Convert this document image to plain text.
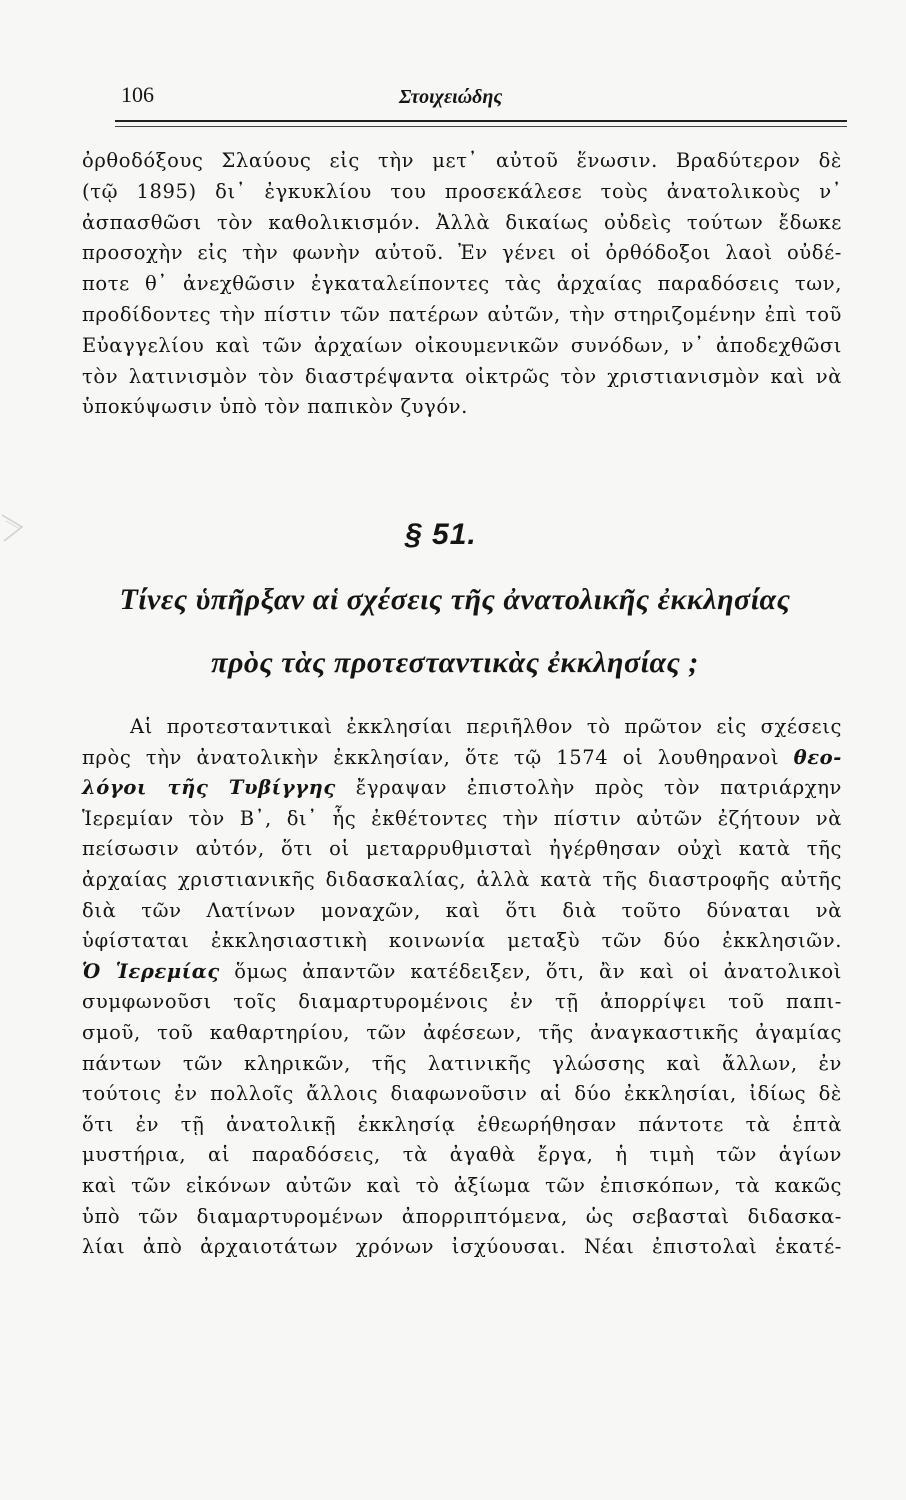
106	Στοιχειώδης
ὀρθοδόξους Σλαύους εἰς τὴν μετ᾽ αὐτοῦ ἕνωσιν. Βραδύτερον δὲ
(τῷ 1895) δι᾽ ἐγκυκλίου του προσεκάλεσε τοὺς ἀνατολικοὺς ν᾽
ἀσπασθῶσι τὸν καθολικισμόν. Ἀλλὰ δικαίως οὐδεὶς τούτων ἔδωκε
προσοχὴν εἰς τὴν φωνὴν αὐτοῦ. Ἐν γένει οἱ ὀρθόδοξοι λαοὶ οὐδέ-
ποτε θ᾽ ἀνεχθῶσιν ἐγκαταλείποντες τὰς ἀρχαίας παραδόσεις των,
προδίδοντες τὴν πίστιν τῶν πατέρων αὐτῶν, τὴν στηριζομένην ἐπὶ τοῦ
Εὐαγγελίου καὶ τῶν ἀρχαίων οἰκουμενικῶν συνόδων, ν᾽ ἀποδεχθῶσι
τὸν λατινισμὸν τὸν διαστρέψαντα οἰκτρῶς τὸν χριστιανισμὸν καὶ νὰ
ὑποκύψωσιν ὑπὸ τὸν παπικὸν ζυγόν.
§ 51.
Τίνες ὑπῆρξαν αἱ σχέσεις τῆς ἀνατολικῆς ἐκκλησίας
πρὸς τὰς προτεσταντικὰς ἐκκλησίας ;
Αἱ προτεσταντικαὶ ἐκκλησίαι περιῆλθον τὸ πρῶτον εἰς σχέσεις
πρὸς τὴν ἀνατολικὴν ἐκκλησίαν, ὅτε τῷ 1574 οἱ λουθηρανοὶ θεο-
λόγοι τῆς Τυβίγγης ἔγραψαν ἐπιστολὴν πρὸς τὸν πατριάρχην
Ἱερεμίαν τὸν Β᾽, δι᾽ ἧς ἐκθέτοντες τὴν πίστιν αὐτῶν ἐζήτουν νὰ
πείσωσιν αὐτόν, ὅτι οἱ μεταρρυθμισταὶ ἠγέρθησαν οὐχὶ κατὰ τῆς
ἀρχαίας χριστιανικῆς διδασκαλίας, ἀλλὰ κατὰ τῆς διαστροφῆς αὐτῆς
διὰ τῶν Λατίνων μοναχῶν, καὶ ὅτι διὰ τοῦτο δύναται νὰ
ὑφίσταται ἐκκλησιαστικὴ κοινωνία μεταξὺ τῶν δύο ἐκκλησιῶν.
Ὁ Ἱερεμίας ὅμως ἀπαντῶν κατέδειξεν, ὅτι, ἂν καὶ οἱ ἀνατολικοὶ
συμφωνοῦσι τοῖς διαμαρτυρομένοις ἐν τῇ ἀπορρίψει τοῦ παπι-
σμοῦ, τοῦ καθαρτηρίου, τῶν ἀφέσεων, τῆς ἀναγκαστικῆς ἀγαμίας
πάντων τῶν κληρικῶν, τῆς λατινικῆς γλώσσης καὶ ἄλλων, ἐν
τούτοις ἐν πολλοῖς ἄλλοις διαφωνοῦσιν αἱ δύο ἐκκλησίαι, ἰδίως δὲ
ὅτι ἐν τῇ ἀνατολικῇ ἐκκλησίᾳ ἐθεωρήθησαν πάντοτε τὰ ἑπτὰ
μυστήρια, αἱ παραδόσεις, τὰ ἀγαθὰ ἔργα, ἡ τιμὴ τῶν ἁγίων
καὶ τῶν εἰκόνων αὐτῶν καὶ τὸ ἀξίωμα τῶν ἐπισκόπων, τὰ κακῶς
ὑπὸ τῶν διαμαρτυρομένων ἀπορριπτόμενα, ὡς σεβασταὶ διδασκα-
λίαι ἀπὸ ἀρχαιοτάτων χρόνων ἰσχύουσαι. Νέαι ἐπιστολαὶ ἑκατέ-
